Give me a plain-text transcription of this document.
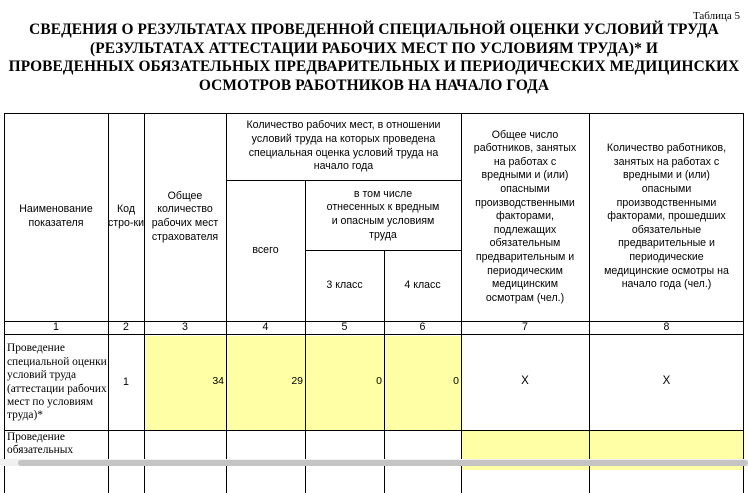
Таблица 5
СВЕДЕНИЯ О РЕЗУЛЬТАТАХ ПРОВЕДЕННОЙ СПЕЦИАЛЬНОЙ ОЦЕНКИ УСЛОВИЙ ТРУДА
(РЕЗУЛЬТАТАХ АТТЕСТАЦИИ РАБОЧИХ МЕСТ ПО УСЛОВИЯМ ТРУДА)* И
ПРОВЕДЕННЫХ ОБЯЗАТЕЛЬНЫХ ПРЕДВАРИТЕЛЬНЫХ И ПЕРИОДИЧЕСКИХ МЕДИЦИНСКИХ
ОСМОТРОВ РАБОТНИКОВ НА НАЧАЛО ГОДА
Наименование показателя
Код стро-ки
Общее количество рабочих мест страхователя
Количество рабочих мест, в отношении условий труда на которых проведена специальная оценка условий труда на начало года
всего
в том числе отнесенных к вредным и опасным условиям труда
3 класс	4 класс
Общее число работников, занятых на работах с вредными и (или) опасными производственными факторами, подлежащих обязательным предварительным и периодическим медицинским осмотрам (чел.)
Количество работников, занятых на работах с вредными и (или) опасными производственными факторами, прошедших обязательные предварительные и периодические медицинские осмотры на начало года (чел.)
1	2	3	4	5	6	7	8
Проведение специальной оценки условий труда (аттестации рабочих мест по условиям труда)*
1	34	29	0	0	X	X
Проведение обязательных
